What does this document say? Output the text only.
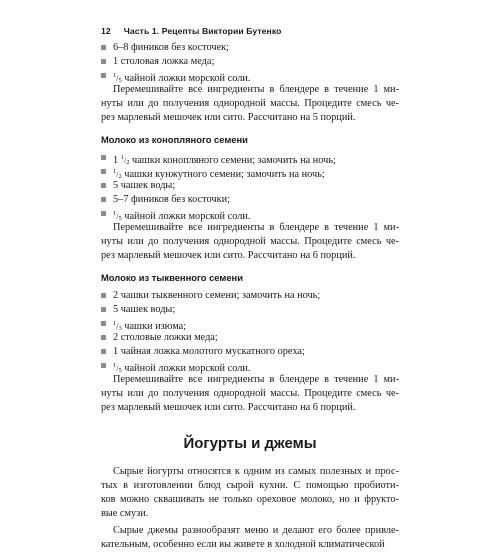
12 Часть 1. Рецепты Виктории Бутенко
6–8 фиников без косточек;
1 столовая ложка меда;
$^1/_5$ чайной ложки морской соли.
Перемешивайте все ингредиенты в блендере в течение 1 ми-
нуты или до получения однородной массы. Процедите смесь че-
рез марлевый мешочек или сито. Рассчитано на 5 порций.
Молоко из конопляного семени
1 $^1/_2$ чашки конопляного семени; замочить на ночь;
$^1/_2$ чашки кунжутного семени; замочить на ночь;
5 чашек воды;
5–7 фиников без косточки;
$^1/_5$ чайной ложки морской соли.
Перемешивайте все ингредиенты в блендере в течение 1 ми-
нуты или до получения однородной массы. Процедите смесь че-
рез марлевый мешочек или сито. Рассчитано на 6 порций.
Молоко из тыквенного семени
2 чашки тыквенного семени; замочить на ночь;
5 чашек воды;
$^1/_3$ чашки изюма;
2 столовые ложки меда;
1 чайная ложка молотого мускатного ореха;
$^1/_5$ чайной ложки морской соли.
Перемешивайте все ингредиенты в блендере в течение 1 ми-
нуты или до получения однородной массы. Процедите смесь че-
рез марлевый мешочек или сито. Рассчитано на 6 порций.
Йогурты и джемы
Сырые йогурты относятся к одним из самых полезных и прос-
тых в изготовлении блюд сырой кухни. С помощью пробиоти-
ков можно сквашивать не только ореховое молоко, но и фрукто-
вые смузи.
Сырые джемы разнообразят меню и делают его более привле-
кательным, особенно если вы живете в холодной климатической
